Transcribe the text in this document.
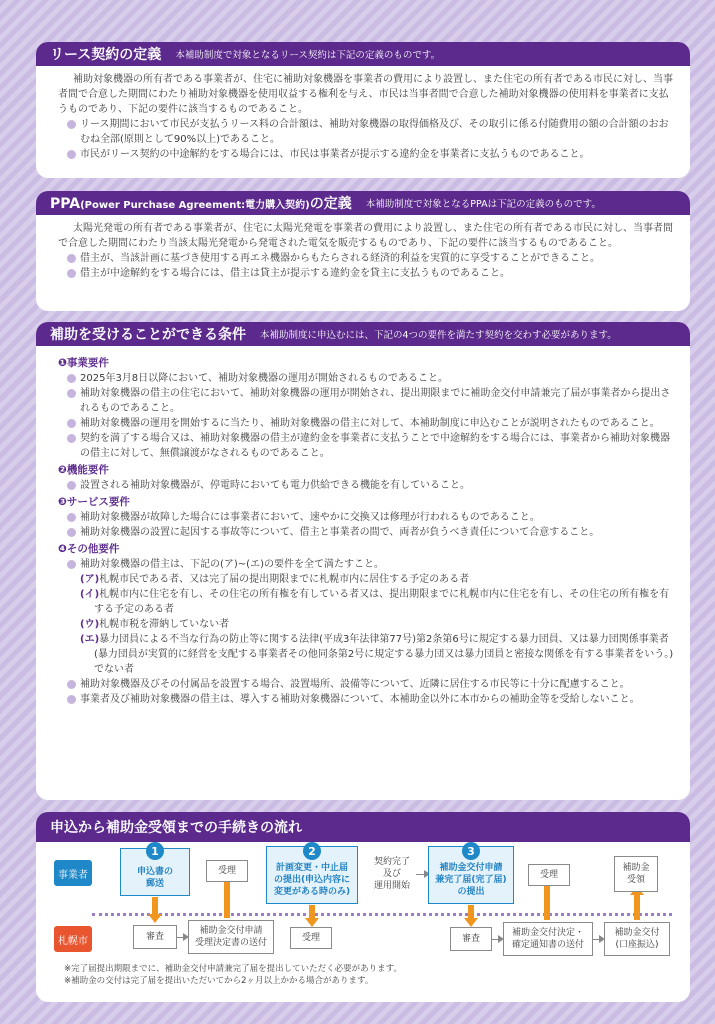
リース契約の定義 本補助制度で対象となるリース契約は下記の定義のものです。

補助対象機器の所有者である事業者が、住宅に補助対象機器を事業者の費用により設置し、また住宅の所有者である市民に対し、当事者間で合意した期間にわたり補助対象機器を使用収益する権利を与え、市民は当事者間で合意した補助対象機器の使用料を事業者に支払うものであり、下記の要件に該当するものであること。

リース期間において市民が支払うリース料の合計額は、補助対象機器の取得価格及び、その取引に係る付随費用の額の合計額のおおむね全部(原則として90%以上)であること。

市民がリース契約の中途解約をする場合には、市民は事業者が提示する違約金を事業者に支払うものであること。

PPA(Power Purchase Agreement:電力購入契約)の定義 本補助制度で対象となるPPAは下記の定義のものです。

太陽光発電の所有者である事業者が、住宅に太陽光発電を事業者の費用により設置し、また住宅の所有者である市民に対し、当事者間で合意した期間にわたり当該太陽光発電から発電された電気を販売するものであり、下記の要件に該当するものであること。

借主が、当該計画に基づき使用する再エネ機器からもたらされる経済的利益を実質的に享受することができること。

借主が中途解約をする場合には、借主は貸主が提示する違約金を貸主に支払うものであること。

補助を受けることができる条件 本補助制度に申込むには、下記の4つの要件を満たす契約を交わす必要があります。

❶事業要件

2025年3月8日以降において、補助対象機器の運用が開始されるものであること。

補助対象機器の借主の住宅において、補助対象機器の運用が開始され、提出期限までに補助金交付申請兼完了届が事業者から提出されるものであること。

補助対象機器の運用を開始するに当たり、補助対象機器の借主に対して、本補助制度に申込むことが説明されたものであること。

契約を満了する場合又は、補助対象機器の借主が違約金を事業者に支払うことで中途解約をする場合には、事業者から補助対象機器の借主に対して、無償譲渡がなされるものであること。

❷機能要件

設置される補助対象機器が、停電時においても電力供給できる機能を有していること。

❸サービス要件

補助対象機器が故障した場合には事業者において、速やかに交換又は修理が行われるものであること。

補助対象機器の設置に起因する事故等について、借主と事業者の間で、両者が負うべき責任について合意すること。

❹その他要件

補助対象機器の借主は、下記の(ア)~(エ)の要件を全て満たすこと。

(ア)札幌市民である者、又は完了届の提出期限までに札幌市内に居住する予定のある者

(イ)札幌市内に住宅を有し、その住宅の所有権を有している者又は、提出期限までに札幌市内に住宅を有し、その住宅の所有権を有する予定のある者

(ウ)札幌市税を滞納していない者

(エ)暴力団員による不当な行為の防止等に関する法律(平成3年法律第77号)第2条第6号に規定する暴力団員、又は暴力団関係事業者(暴力団員が実質的に経営を支配する事業者その他同条第2号に規定する暴力団又は暴力団員と密接な関係を有する事業者をいう。)でない者

補助対象機器及びその付属品を設置する場合、設置場所、設備等について、近隣に居住する市民等に十分に配慮すること。

事業者及び補助対象機器の借主は、導入する補助対象機器について、本補助金以外に本市からの補助金等を受給しないこと。

申込から補助金受領までの手続きの流れ
事業者
札幌市
申込書の
郵送
1
審査
補助金交付申請
受理決定書の送付
受理	計画変更・中止届
の提出(申込内容に
変更がある時のみ)
2
受理
契約完了
及び
運用開始
補助金交付申請
兼完了届(完了届)
の提出
3
審査
補助金交付決定・
確定通知書の送付
受理
補助金交付
(口座振込)
補助金
受領

※完了届提出期限までに、補助金交付申請兼完了届を提出していただく必要があります。

※補助金の交付は完了届を提出いただいてから2ヶ月以上かかる場合があります。
